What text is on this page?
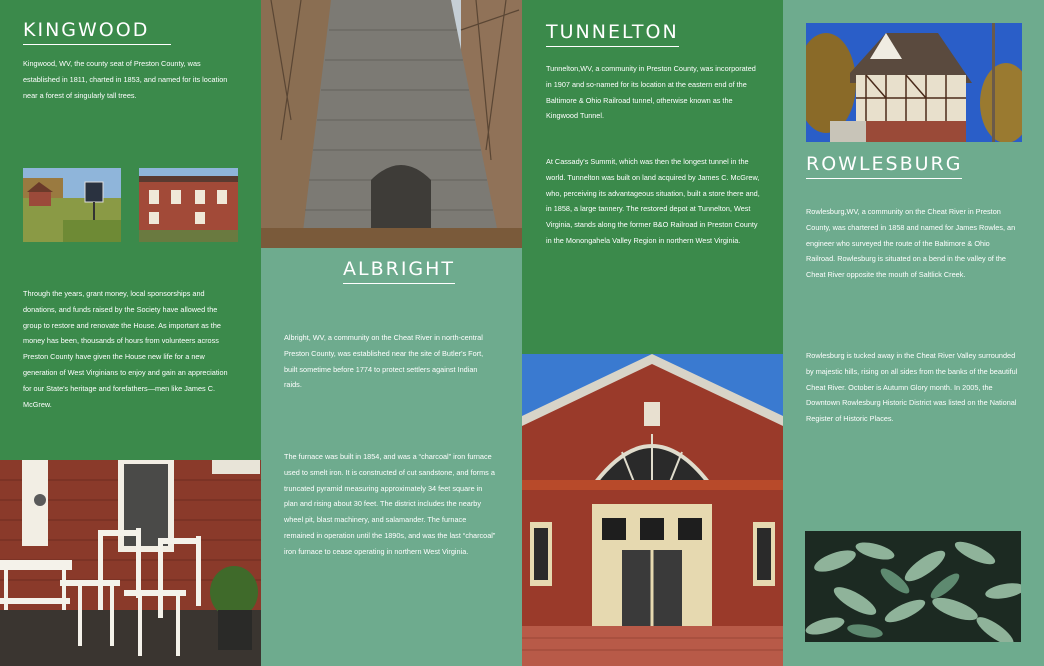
KINGWOOD

Kingwood, WV, the county seat of Preston County, was established in 1811, charted in 1853, and named for its location near a forest of singularly tall trees.

Through the years, grant money, local sponsorships and donations, and funds raised by the Society have allowed the group to restore and renovate the House. As important as the money has been, thousands of hours from volunteers across Preston County have given the House new life for a new generation of West Virginians to enjoy and gain an appreciation for our State's heritage and forefathers—men like James C. McGrew.

ALBRIGHT

Albright, WV, a community on the Cheat River in north-central Preston County, was established near the site of Butler's Fort, built sometime before 1774 to protect settlers against Indian raids.

The furnace was built in 1854, and was a “charcoal” iron furnace used to smelt iron. It is constructed of cut sandstone, and forms a truncated pyramid measuring approximately 34 feet square in plan and rising about 30 feet. The district includes the nearby wheel pit, blast machinery, and salamander. The furnace remained in operation until the 1890s, and was the last “charcoal” iron furnace to cease operating in northern West Virginia.

TUNNELTON

Tunnelton,WV, a community in Preston County, was incorporated in 1907 and so-named for its location at the eastern end of the Baltimore & Ohio Railroad tunnel, otherwise known as the Kingwood Tunnel.

At Cassady's Summit, which was then the longest tunnel in the world. Tunnelton was built on land acquired by James C. McGrew, who, perceiving its advantageous situation, built a store there and, in 1858, a large tannery. The restored depot at Tunnelton, West Virginia, stands along the former B&O Railroad in Preston County in the Monongahela Valley Region in northern West Virginia.

ROWLESBURG

Rowlesburg,WV, a community on the Cheat River in Preston County, was chartered in 1858 and named for James Rowles, an engineer who surveyed the route of the Baltimore & Ohio Railroad. Rowlesburg is situated on a bend in the valley of the Cheat River opposite the mouth of Saltlick Creek.

Rowlesburg is tucked away in the Cheat River Valley surrounded by majestic hills, rising on all sides from the banks of the beautiful Cheat River. October is Autumn Glory month. In 2005, the Downtown Rowlesburg Historic District was listed on the National Register of Historic Places.
